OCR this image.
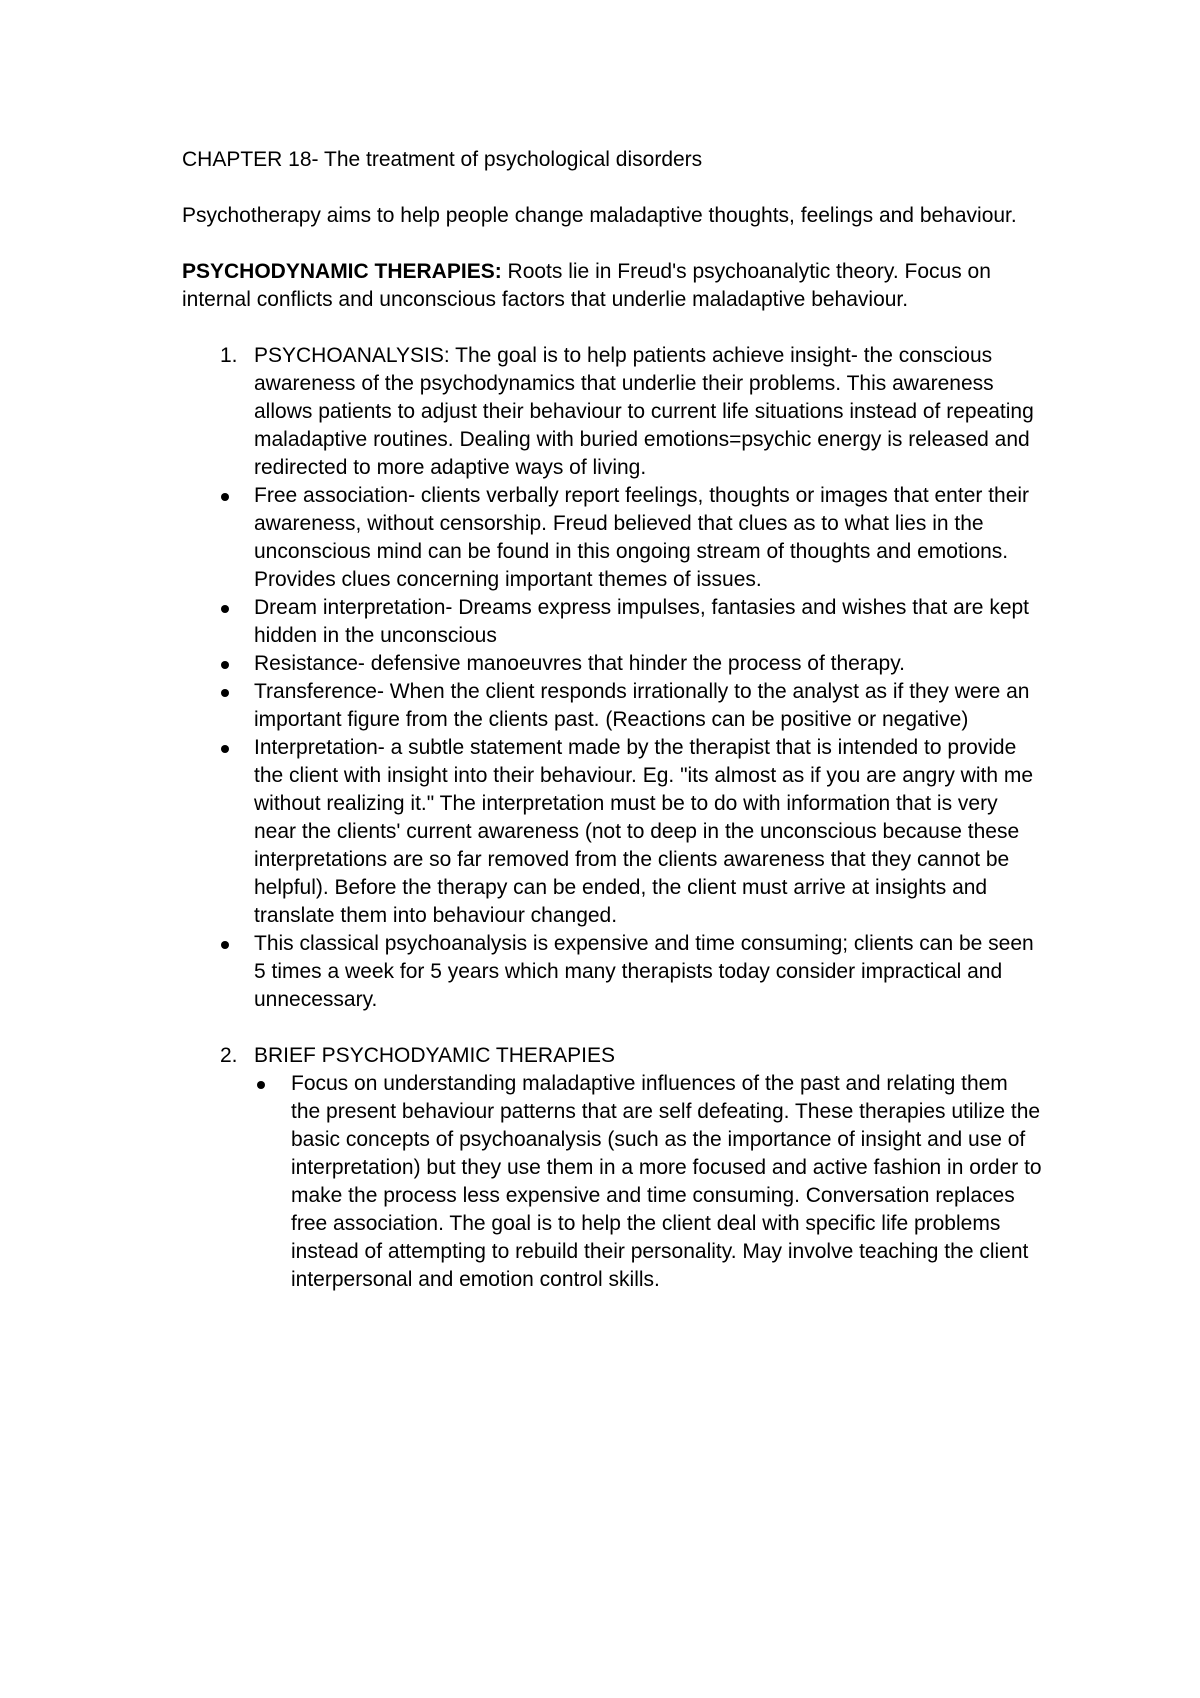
CHAPTER 18- The treatment of psychological disorders

Psychotherapy aims to help people change maladaptive thoughts, feelings and behaviour.

PSYCHODYNAMIC THERAPIES: Roots lie in Freud's psychoanalytic theory. Focus on internal conflicts and unconscious factors that underlie maladaptive behaviour.

1. PSYCHOANALYSIS: The goal is to help patients achieve insight- the conscious awareness of the psychodynamics that underlie their problems. This awareness allows patients to adjust their behaviour to current life situations instead of repeating maladaptive routines. Dealing with buried emotions=psychic energy is released and redirected to more adaptive ways of living.

Free association- clients verbally report feelings, thoughts or images that enter their awareness, without censorship. Freud believed that clues as to what lies in the unconscious mind can be found in this ongoing stream of thoughts and emotions. Provides clues concerning important themes of issues.

Dream interpretation- Dreams express impulses, fantasies and wishes that are kept hidden in the unconscious

Resistance- defensive manoeuvres that hinder the process of therapy.

Transference- When the client responds irrationally to the analyst as if they were an important figure from the clients past. (Reactions can be positive or negative)

Interpretation- a subtle statement made by the therapist that is intended to provide the client with insight into their behaviour. Eg. "its almost as if you are angry with me without realizing it." The interpretation must be to do with information that is very near the clients' current awareness (not to deep in the unconscious because these interpretations are so far removed from the clients awareness that they cannot be helpful). Before the therapy can be ended, the client must arrive at insights and translate them into behaviour changed.

This classical psychoanalysis is expensive and time consuming; clients can be seen 5 times a week for 5 years which many therapists today consider impractical and unnecessary.

2. BRIEF PSYCHODYAMIC THERAPIES

Focus on understanding maladaptive influences of the past and relating them the present behaviour patterns that are self defeating. These therapies utilize the basic concepts of psychoanalysis (such as the importance of insight and use of interpretation) but they use them in a more focused and active fashion in order to make the process less expensive and time consuming. Conversation replaces free association. The goal is to help the client deal with specific life problems instead of attempting to rebuild their personality. May involve teaching the client interpersonal and emotion control skills.
